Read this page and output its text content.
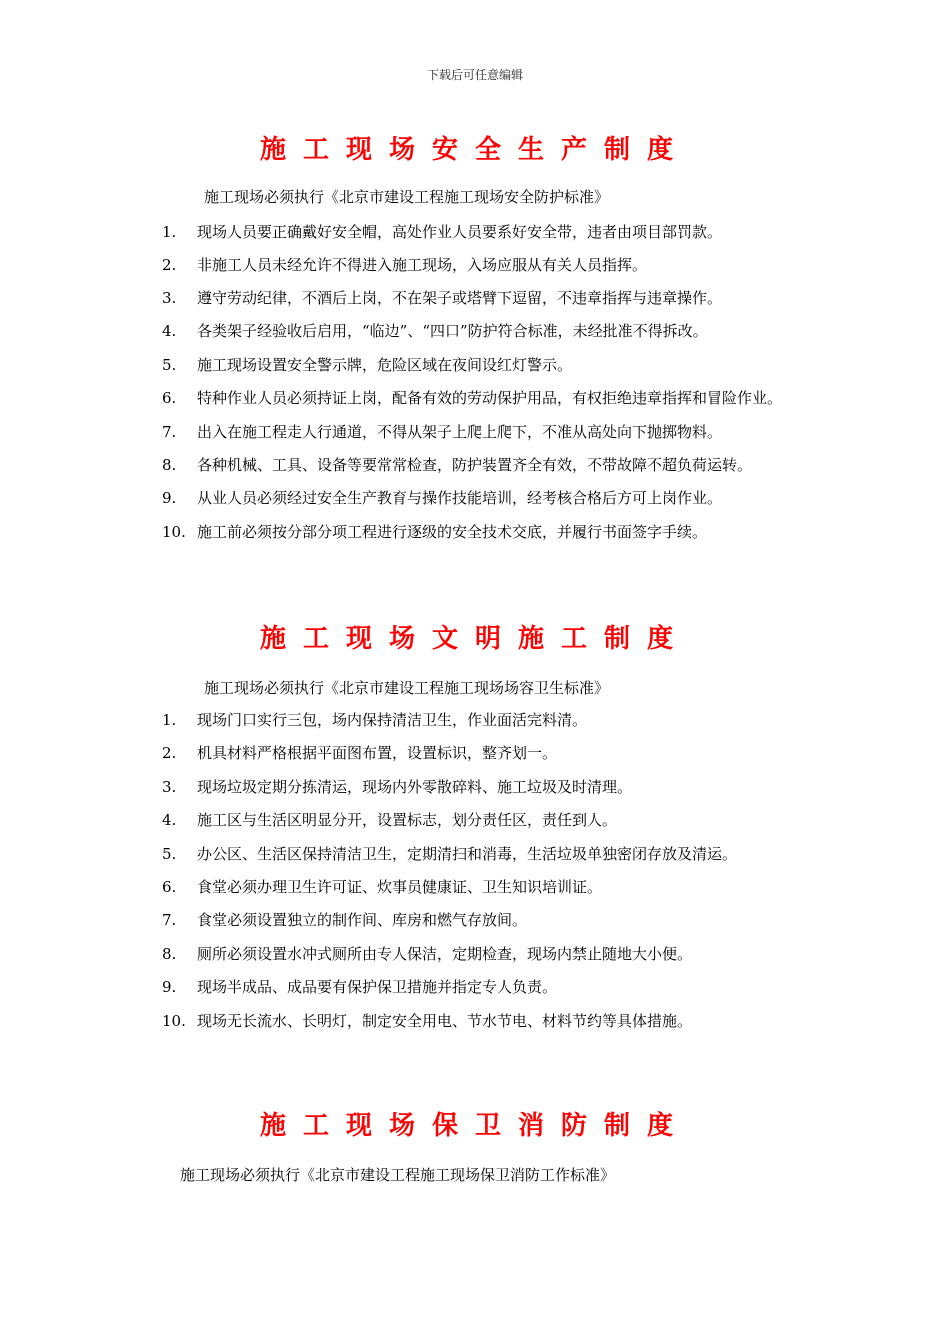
下载后可任意编辑
施工现场安全生产制度
施工现场必须执行《北京市建设工程施工现场安全防护标准》
1.	现场人员要正确戴好安全帽，高处作业人员要系好安全带，违者由项目部罚款。
2.	非施工人员未经允许不得进入施工现场，入场应服从有关人员指挥。
3.	遵守劳动纪律，不酒后上岗，不在架子或塔臂下逗留，不违章指挥与违章操作。
4.	各类架子经验收后启用，“临边”、“四口”防护符合标准，未经批准不得拆改。
5.	施工现场设置安全警示牌，危险区域在夜间设红灯警示。
6.	特种作业人员必须持证上岗，配备有效的劳动保护用品，有权拒绝违章指挥和冒险作业。
7.	出入在施工程走人行通道，不得从架子上爬上爬下，不准从高处向下抛掷物料。
8.	各种机械、工具、设备等要常常检查，防护装置齐全有效，不带故障不超负荷运转。
9.	从业人员必须经过安全生产教育与操作技能培训，经考核合格后方可上岗作业。
10. 施工前必须按分部分项工程进行逐级的安全技术交底，并履行书面签字手续。
施工现场文明施工制度
施工现场必须执行《北京市建设工程施工现场场容卫生标准》
1.	现场门口实行三包，场内保持清洁卫生，作业面活完料清。
2.	机具材料严格根据平面图布置，设置标识，整齐划一。
3.	现场垃圾定期分拣清运，现场内外零散碎料、施工垃圾及时清理。
4.	施工区与生活区明显分开，设置标志，划分责任区，责任到人。
5.	办公区、生活区保持清洁卫生，定期清扫和消毒，生活垃圾单独密闭存放及清运。
6.	食堂必须办理卫生许可证、炊事员健康证、卫生知识培训证。
7.	食堂必须设置独立的制作间、库房和燃气存放间。
8.	厕所必须设置水冲式厕所由专人保洁，定期检查，现场内禁止随地大小便。
9.	现场半成品、成品要有保护保卫措施并指定专人负责。
10. 现场无长流水、长明灯，制定安全用电、节水节电、材料节约等具体措施。
施工现场保卫消防制度
施工现场必须执行《北京市建设工程施工现场保卫消防工作标准》
